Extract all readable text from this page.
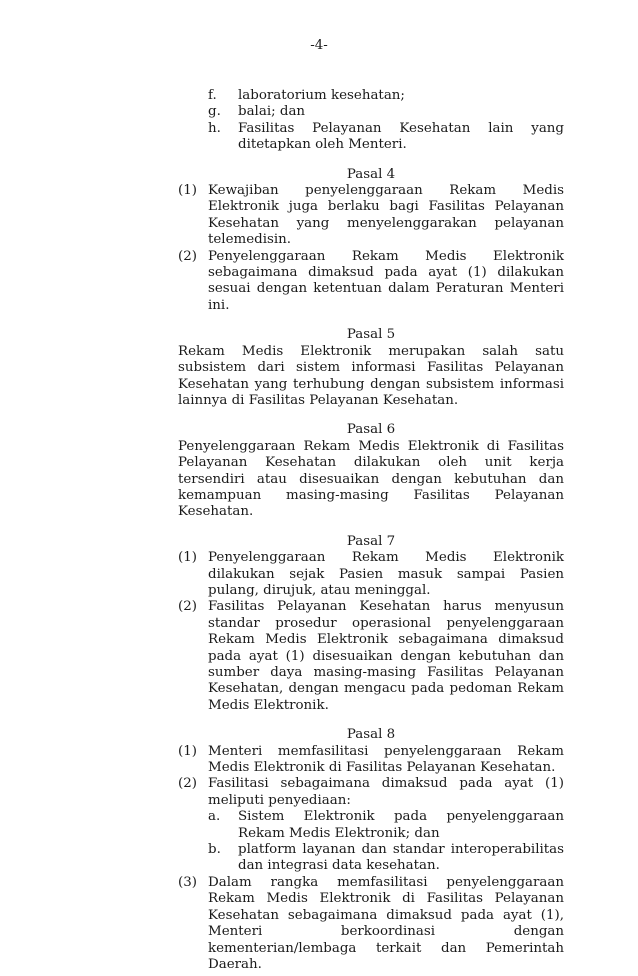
-4-
f.	laboratorium kesehatan;
g.	balai; dan
h.	Fasilitas Pelayanan Kesehatan lain yang ditetapkan oleh Menteri.
Pasal 4
(1) Kewajiban penyelenggaraan Rekam Medis Elektronik juga berlaku bagi Fasilitas Pelayanan Kesehatan yang menyelenggarakan pelayanan telemedisin.
(2) Penyelenggaraan Rekam Medis Elektronik sebagaimana dimaksud pada ayat (1) dilakukan sesuai dengan ketentuan dalam Peraturan Menteri ini.
Pasal 5
Rekam Medis Elektronik merupakan salah satu subsistem dari sistem informasi Fasilitas Pelayanan Kesehatan yang terhubung dengan subsistem informasi lainnya di Fasilitas Pelayanan Kesehatan.
Pasal 6
Penyelenggaraan Rekam Medis Elektronik di Fasilitas Pelayanan Kesehatan dilakukan oleh unit kerja tersendiri atau disesuaikan dengan kebutuhan dan kemampuan masing-masing Fasilitas Pelayanan Kesehatan.
Pasal 7
(1) Penyelenggaraan Rekam Medis Elektronik dilakukan sejak Pasien masuk sampai Pasien pulang, dirujuk, atau meninggal.
(2) Fasilitas Pelayanan Kesehatan harus menyusun standar prosedur operasional penyelenggaraan Rekam Medis Elektronik sebagaimana dimaksud pada ayat (1) disesuaikan dengan kebutuhan dan sumber daya masing-masing Fasilitas Pelayanan Kesehatan, dengan mengacu pada pedoman Rekam Medis Elektronik.
Pasal 8
(1) Menteri memfasilitasi penyelenggaraan Rekam Medis Elektronik di Fasilitas Pelayanan Kesehatan.
(2) Fasilitasi sebagaimana dimaksud pada ayat (1) meliputi penyediaan:
a.	Sistem Elektronik pada penyelenggaraan Rekam Medis Elektronik; dan
b.	platform layanan dan standar interoperabilitas dan integrasi data kesehatan.
(3) Dalam rangka memfasilitasi penyelenggaraan Rekam Medis Elektronik di Fasilitas Pelayanan Kesehatan sebagaimana dimaksud pada ayat (1), Menteri berkoordinasi dengan kementerian/lembaga terkait dan Pemerintah Daerah.
